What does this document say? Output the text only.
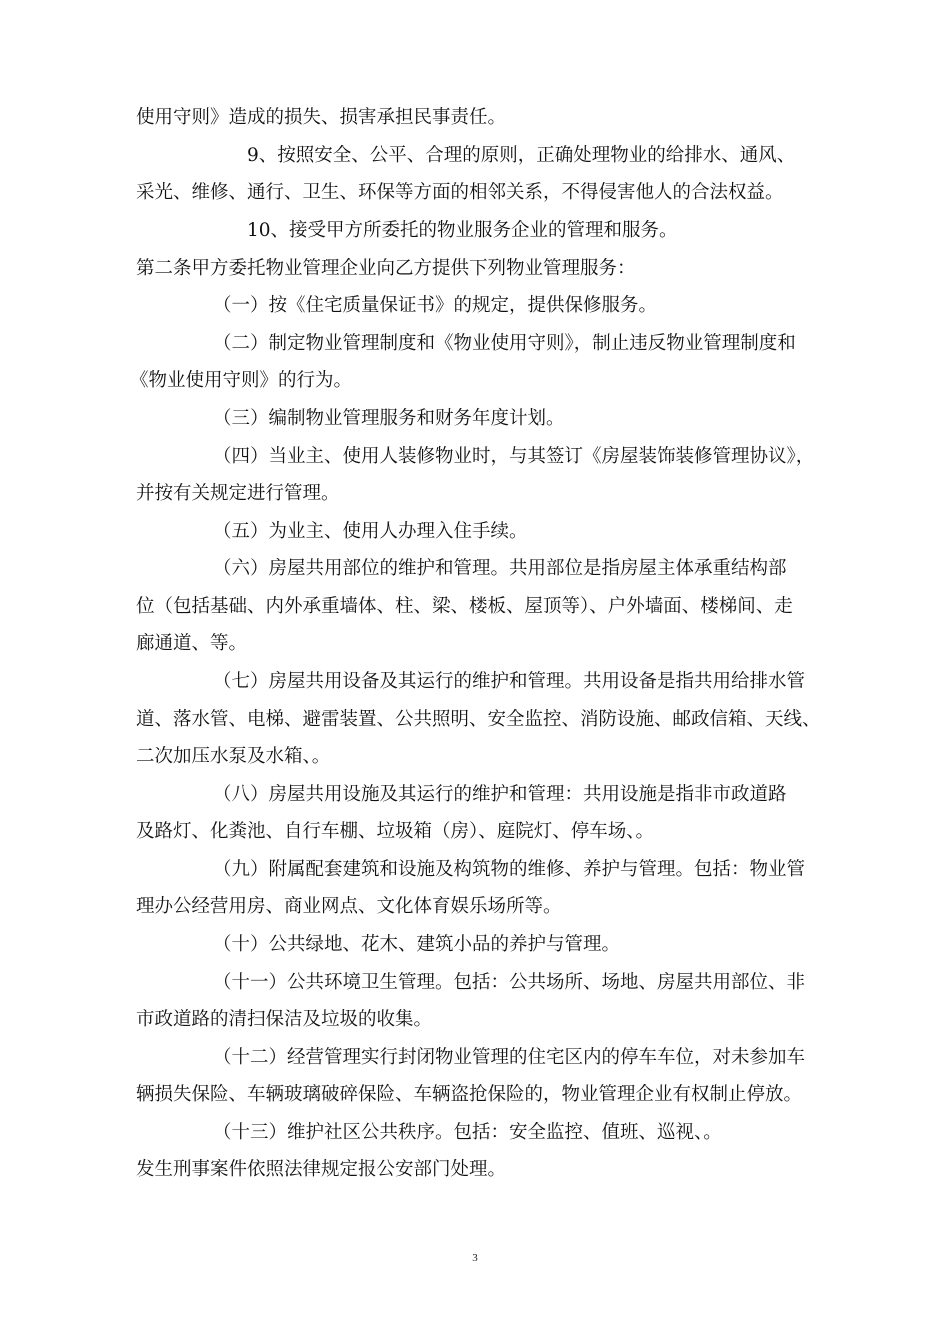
使用守则》造成的损失、损害承担民事责任。
9、按照安全、公平、合理的原则，正确处理物业的给排水、通风、
采光、维修、通行、卫生、环保等方面的相邻关系，不得侵害他人的合法权益。
10、接受甲方所委托的物业服务企业的管理和服务。
第二条甲方委托物业管理企业向乙方提供下列物业管理服务：
（一）按《住宅质量保证书》的规定，提供保修服务。
（二）制定物业管理制度和《物业使用守则》，制止违反物业管理制度和
《物业使用守则》的行为。
（三）编制物业管理服务和财务年度计划。
（四）当业主、使用人装修物业时，与其签订《房屋装饰装修管理协议》，
并按有关规定进行管理。
（五）为业主、使用人办理入住手续。
（六）房屋共用部位的维护和管理。共用部位是指房屋主体承重结构部
位（包括基础、内外承重墙体、柱、梁、楼板、屋顶等）、户外墙面、楼梯间、走
廊通道、等。
（七）房屋共用设备及其运行的维护和管理。共用设备是指共用给排水管
道、落水管、电梯、避雷装置、公共照明、安全监控、消防设施、邮政信箱、天线、
二次加压水泵及水箱、。
（八）房屋共用设施及其运行的维护和管理：共用设施是指非市政道路
及路灯、化粪池、自行车棚、垃圾箱（房）、庭院灯、停车场、。
（九）附属配套建筑和设施及构筑物的维修、养护与管理。包括：物业管
理办公经营用房、商业网点、文化体育娱乐场所等。
（十）公共绿地、花木、建筑小品的养护与管理。
（十一）公共环境卫生管理。包括：公共场所、场地、房屋共用部位、非
市政道路的清扫保洁及垃圾的收集。
（十二）经营管理实行封闭物业管理的住宅区内的停车车位，对未参加车
辆损失保险、车辆玻璃破碎保险、车辆盗抢保险的，物业管理企业有权制止停放。
（十三）维护社区公共秩序。包括：安全监控、值班、巡视、。
发生刑事案件依照法律规定报公安部门处理。
3
